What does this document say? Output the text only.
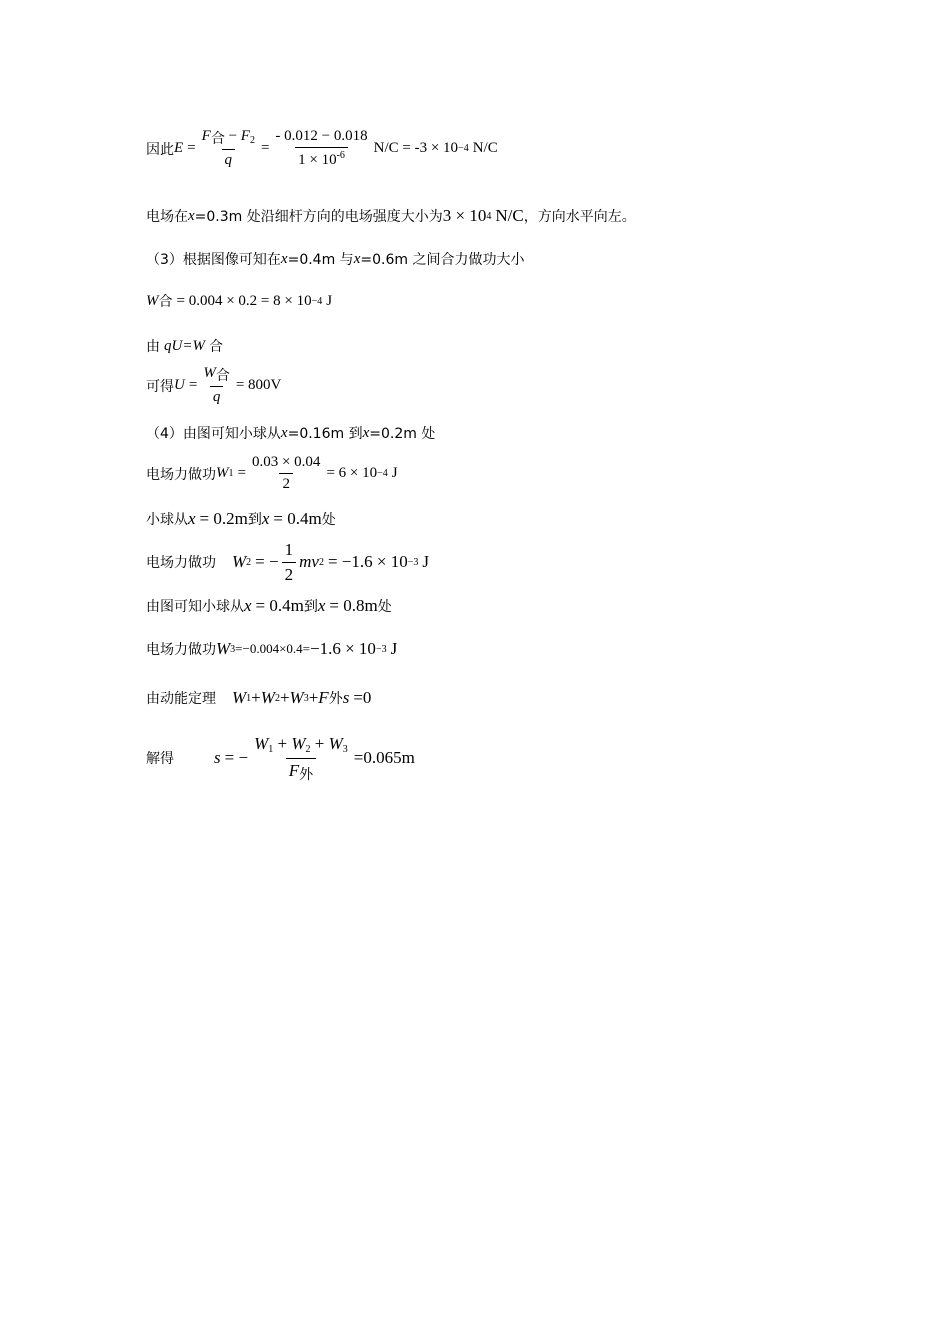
因此 $E = \frac{F_合 - F_2}{q} = \frac{- 0.012 - 0.018}{1 \times 10^{-6}} N/C = -3 \times 10 -4$ N/C
电场在 x =0.3m 处沿细杆方向的电场强度大小为 3 × 10 4 N/C ，方向水平向左。
（3）根据图像可知在 x =0.4m 与 x =0.6m 之间合力做功大小
W 合 = 0.004 × 0.2 = 8 × 10 −4 J
由 qU=W 合
可得 $U = \frac{W_合}{q} = 800V$
（4）由图可知小球从 x =0.16m 到 x =0.2m 处
电场力做功 W $1 = \frac{0.03 \times 0.04}{2} = 6 \times 10 -4$ J
小球从 x = 0.2m 到 x = 0.4m 处
电场力做功 W 2 = − $\frac{1}{2}$ mv 2 = −1.6 × 10 −3 J
由图可知小球从 x = 0.4m 到 x = 0.8m 处
电场力做功 W 3 =−0.004×0.4= −1.6 × 10 −3 J
由动能定理 W 1 + W 2 + W 3 + F 外 s =0
解得 s = − $\frac{W_1 + W_2 + W_3}{F_外} =0.065m$
